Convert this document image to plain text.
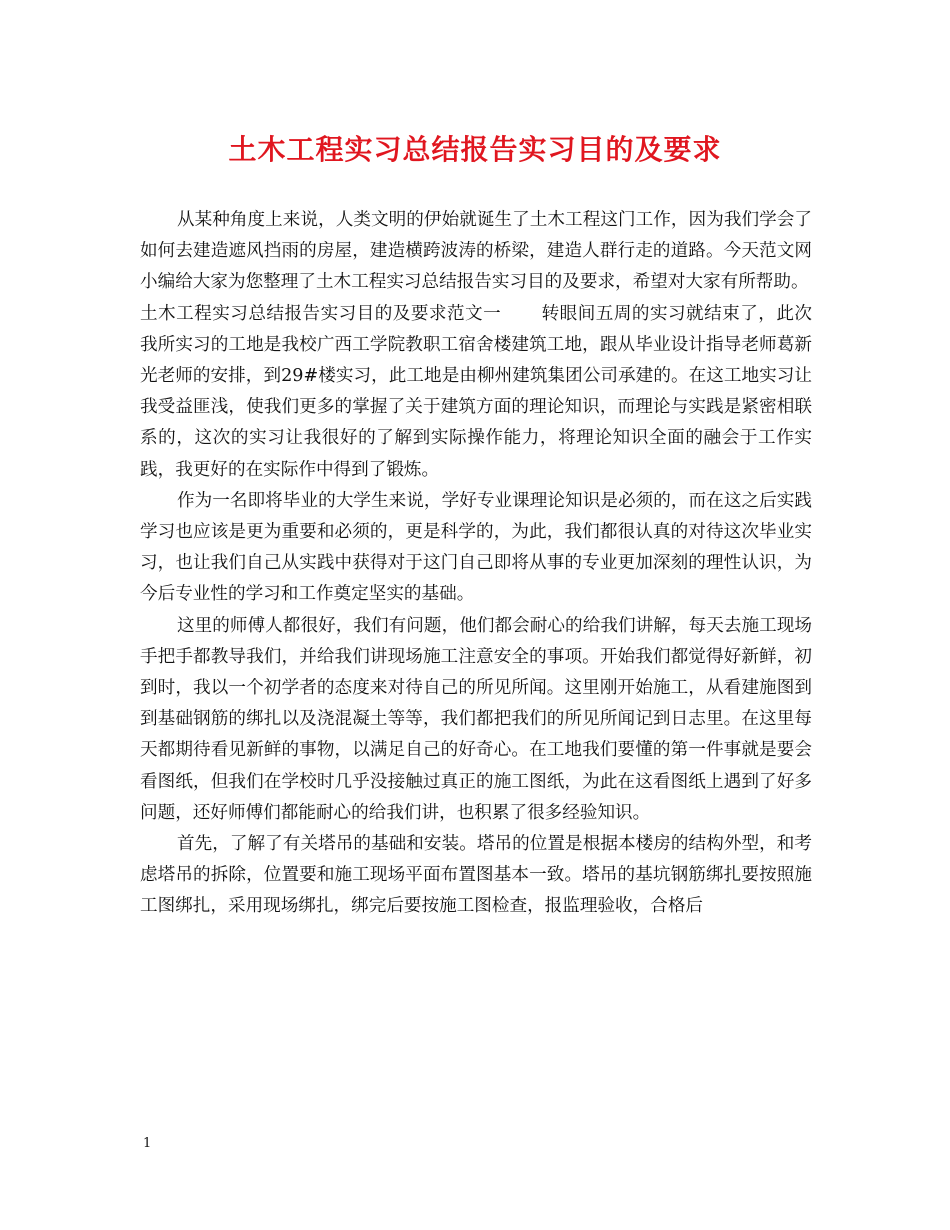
土木工程实习总结报告实习目的及要求

从某种角度上来说，人类文明的伊始就诞生了土木工程这门工作，因为我们学会了如何去建造遮风挡雨的房屋，建造横跨波涛的桥梁，建造人群行走的道路。今天范文网小编给大家为您整理了土木工程实习总结报告实习目的及要求，希望对大家有所帮助。

土木工程实习总结报告实习目的及要求范文一 转眼间五周的实习就结束了，此次我所实习的工地是我校广西工学院教职工宿舍楼建筑工地，跟从毕业设计指导老师葛新光老师的安排，到29#楼实习，此工地是由柳州建筑集团公司承建的。在这工地实习让我受益匪浅，使我们更多的掌握了关于建筑方面的理论知识，而理论与实践是紧密相联系的，这次的实习让我很好的了解到实际操作能力，将理论知识全面的融会于工作实践，我更好的在实际作中得到了锻炼。

作为一名即将毕业的大学生来说，学好专业课理论知识是必须的，而在这之后实践学习也应该是更为重要和必须的，更是科学的，为此，我们都很认真的对待这次毕业实习，也让我们自己从实践中获得对于这门自己即将从事的专业更加深刻的理性认识，为今后专业性的学习和工作奠定坚实的基础。

这里的师傅人都很好，我们有问题，他们都会耐心的给我们讲解，每天去施工现场手把手都教导我们，并给我们讲现场施工注意安全的事项。开始我们都觉得好新鲜，初到时，我以一个初学者的态度来对待自己的所见所闻。这里刚开始施工，从看建施图到到基础钢筋的绑扎以及浇混凝土等等，我们都把我们的所见所闻记到日志里。在这里每天都期待看见新鲜的事物，以满足自己的好奇心。在工地我们要懂的第一件事就是要会看图纸，但我们在学校时几乎没接触过真正的施工图纸，为此在这看图纸上遇到了好多问题，还好师傅们都能耐心的给我们讲，也积累了很多经验知识。

首先，了解了有关塔吊的基础和安装。塔吊的位置是根据本楼房的结构外型，和考虑塔吊的拆除，位置要和施工现场平面布置图基本一致。塔吊的基坑钢筋绑扎要按照施工图绑扎，采用现场绑扎，绑完后要按施工图检查，报监理验收，合格后

1
